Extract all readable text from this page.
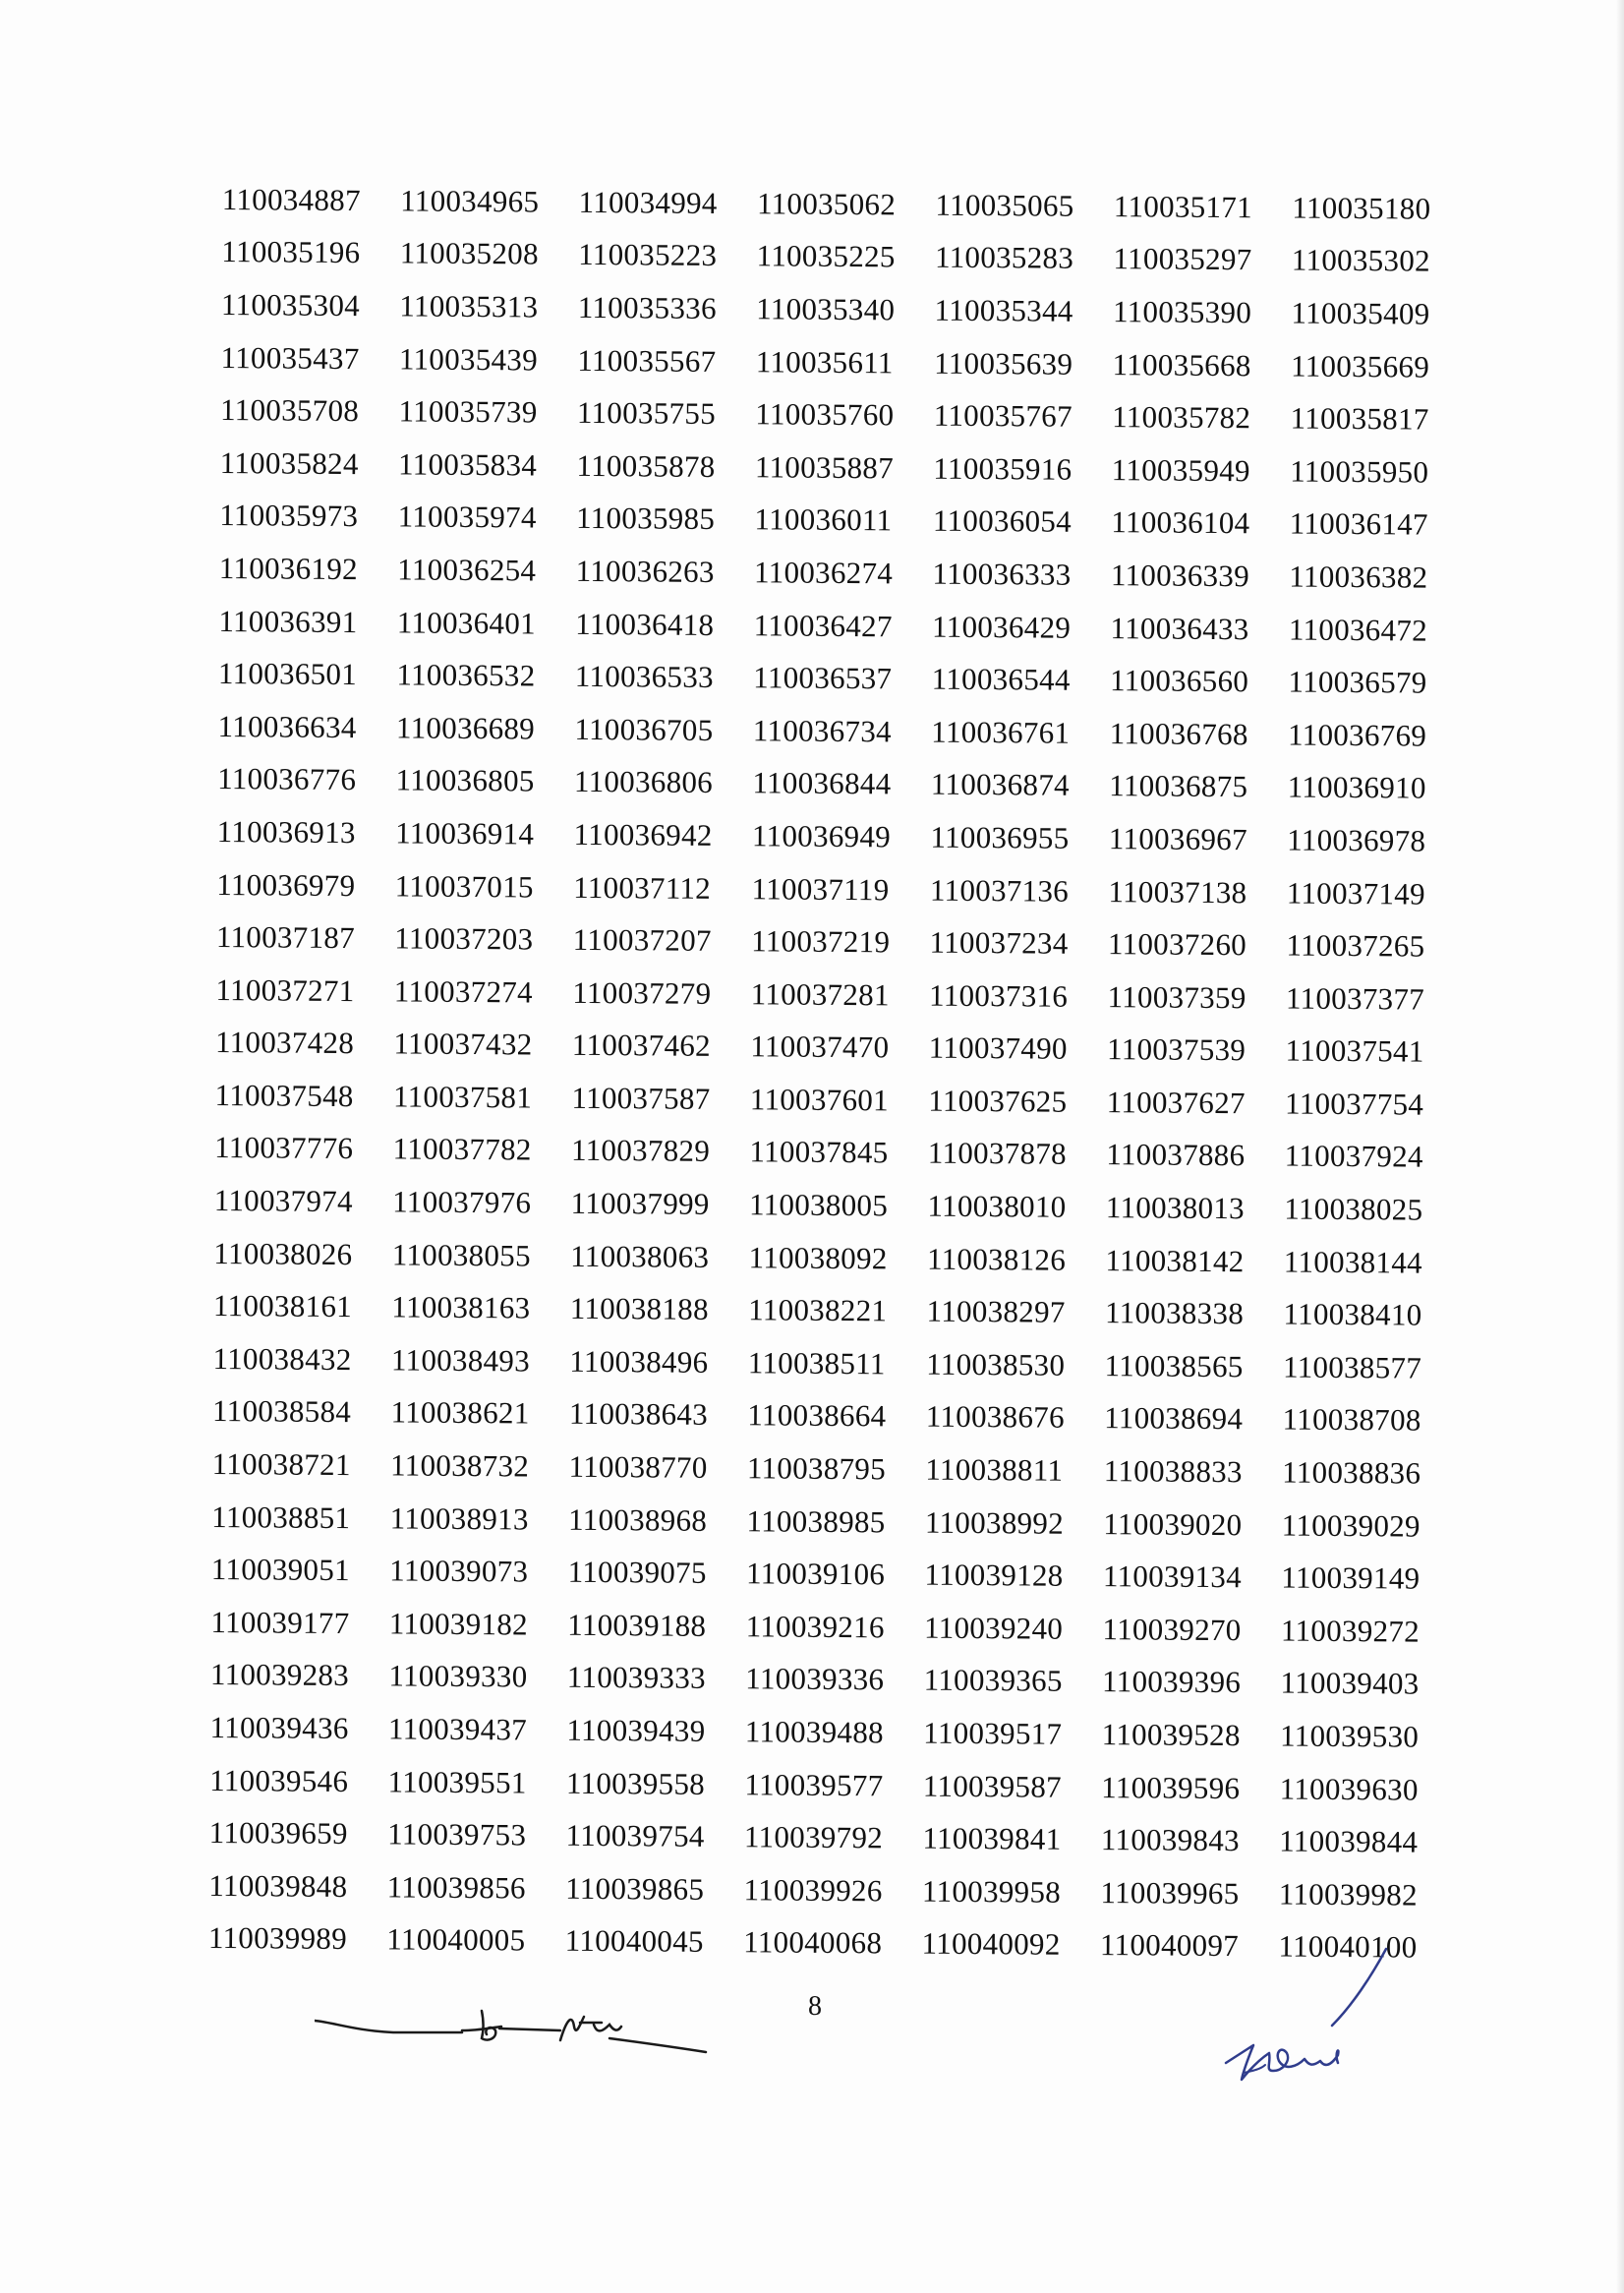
110034887	110034965	110034994	110035062	110035065	110035171	110035180
110035196	110035208	110035223	110035225	110035283	110035297	110035302
110035304	110035313	110035336	110035340	110035344	110035390	110035409
110035437	110035439	110035567	110035611	110035639	110035668	110035669
110035708	110035739	110035755	110035760	110035767	110035782	110035817
110035824	110035834	110035878	110035887	110035916	110035949	110035950
110035973	110035974	110035985	110036011	110036054	110036104	110036147
110036192	110036254	110036263	110036274	110036333	110036339	110036382
110036391	110036401	110036418	110036427	110036429	110036433	110036472
110036501	110036532	110036533	110036537	110036544	110036560	110036579
110036634	110036689	110036705	110036734	110036761	110036768	110036769
110036776	110036805	110036806	110036844	110036874	110036875	110036910
110036913	110036914	110036942	110036949	110036955	110036967	110036978
110036979	110037015	110037112	110037119	110037136	110037138	110037149
110037187	110037203	110037207	110037219	110037234	110037260	110037265
110037271	110037274	110037279	110037281	110037316	110037359	110037377
110037428	110037432	110037462	110037470	110037490	110037539	110037541
110037548	110037581	110037587	110037601	110037625	110037627	110037754
110037776	110037782	110037829	110037845	110037878	110037886	110037924
110037974	110037976	110037999	110038005	110038010	110038013	110038025
110038026	110038055	110038063	110038092	110038126	110038142	110038144
110038161	110038163	110038188	110038221	110038297	110038338	110038410
110038432	110038493	110038496	110038511	110038530	110038565	110038577
110038584	110038621	110038643	110038664	110038676	110038694	110038708
110038721	110038732	110038770	110038795	110038811	110038833	110038836
110038851	110038913	110038968	110038985	110038992	110039020	110039029
110039051	110039073	110039075	110039106	110039128	110039134	110039149
110039177	110039182	110039188	110039216	110039240	110039270	110039272
110039283	110039330	110039333	110039336	110039365	110039396	110039403
110039436	110039437	110039439	110039488	110039517	110039528	110039530
110039546	110039551	110039558	110039577	110039587	110039596	110039630
110039659	110039753	110039754	110039792	110039841	110039843	110039844
110039848	110039856	110039865	110039926	110039958	110039965	110039982
110039989	110040005	110040045	110040068	110040092	110040097	110040100
8
